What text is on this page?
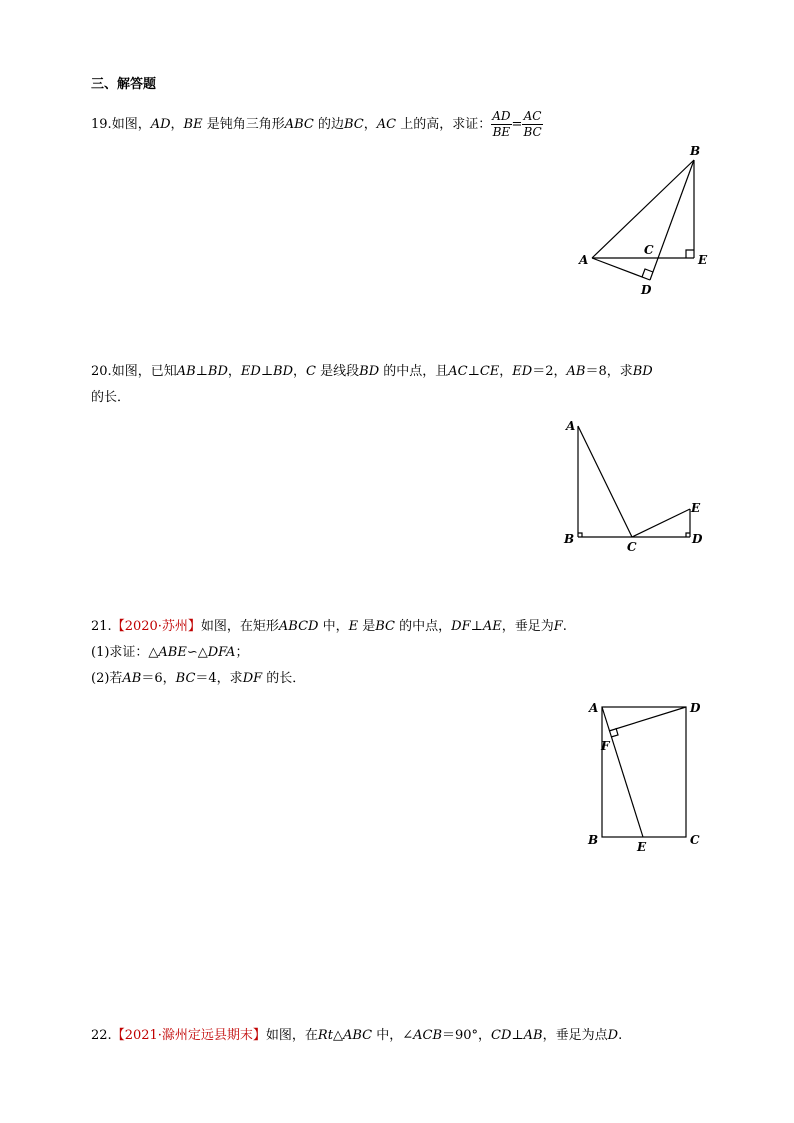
三、解答题
19.如图，AD，BE 是钝角三角形ABC 的边BC，AC 上的高，求证： $\frac{AD}{BE} = \frac{AC}{BC}$
B
A
C
E
D
20.如图，已知AB⊥BD，ED⊥BD，C 是线段BD 的中点，且AC⊥CE，ED＝2，AB＝8，求BD
的长．
A
B
C
D
E
21.【2020·苏州】如图，在矩形ABCD 中，E 是BC 的中点，DF⊥AE，垂足为F.
(1)求证：△ABE∽△DFA；
(2)若AB＝6，BC＝4，求DF 的长．
A	D
F
B	C
E
22.【2021·滁州定远县期末】如图，在Rt△ABC 中，∠ACB＝90°，CD⊥AB，垂足为点D.
